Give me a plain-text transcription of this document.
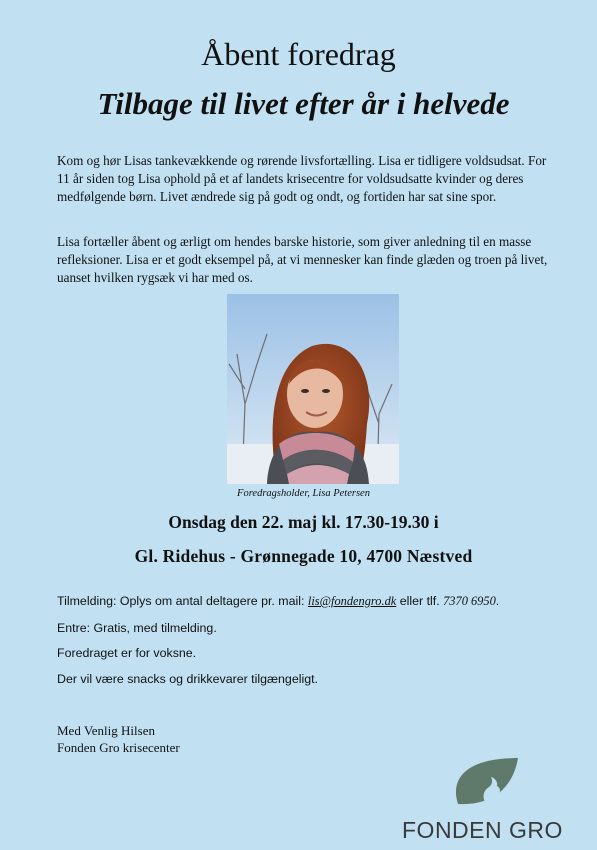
Åbent foredrag
Tilbage til livet efter år i helvede

Kom og hør Lisas tankevækkende og rørende livsfortælling. Lisa er tidligere voldsudsat. For 11 år siden tog Lisa ophold på et af landets krisecentre for voldsudsatte kvinder og deres medfølgende børn. Livet ændrede sig på godt og ondt, og fortiden har sat sine spor.

Lisa fortæller åbent og ærligt om hendes barske historie, som giver anledning til en masse refleksioner. Lisa er et godt eksempel på, at vi mennesker kan finde glæden og troen på livet, uanset hvilken rygsæk vi har med os.

Foredragsholder, Lisa Petersen
Onsdag den 22. maj kl. 17.30-19.30 i
Gl. Ridehus - Grønnegade 10, 4700 Næstved

Tilmelding: Oplys om antal deltagere pr. mail: lis@fondengro.dk eller tlf. 7370 6950.

Entre: Gratis, med tilmelding.

Foredraget er for voksne.

Der vil være snacks og drikkevarer tilgængeligt.

Med Venlig Hilsen
Fonden Gro krisecenter
FONDEN GRO
